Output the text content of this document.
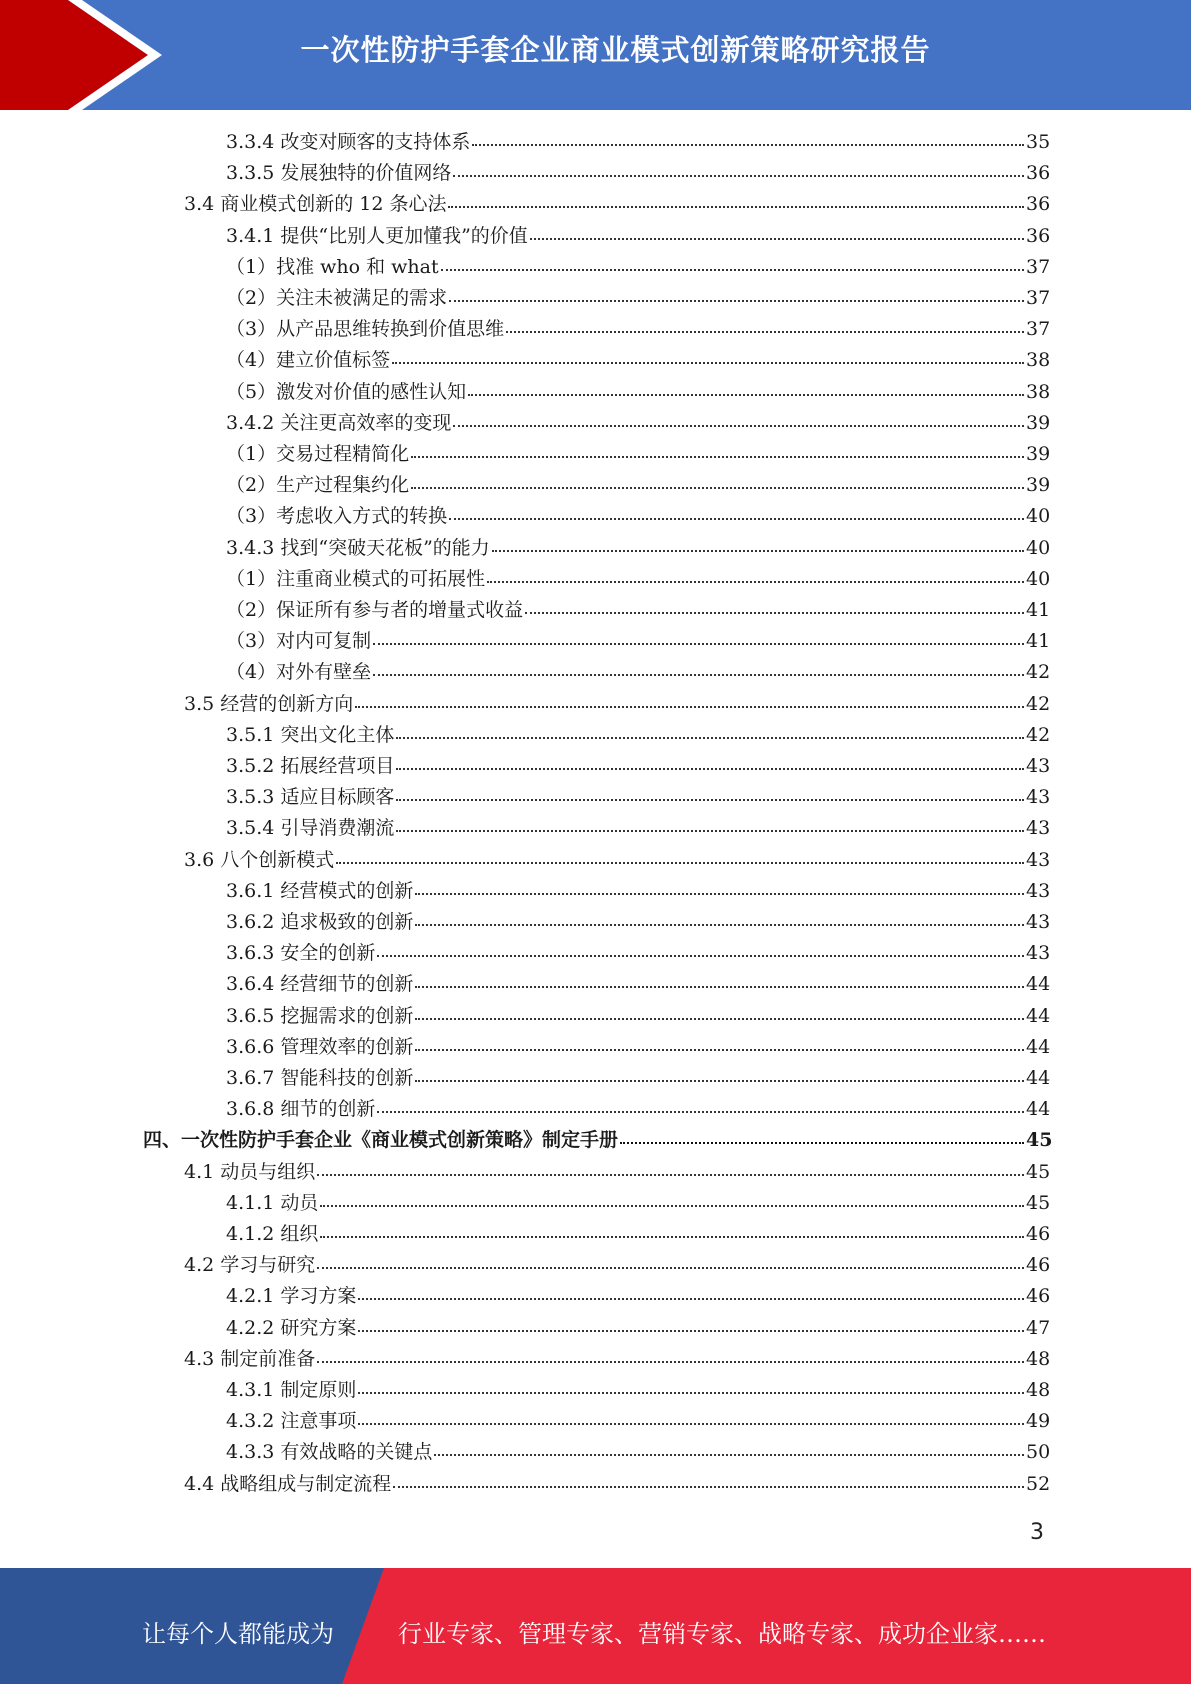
一次性防护手套企业商业模式创新策略研究报告
3.3.4 改变对顾客的支持体系	35
3.3.5 发展独特的价值网络	36
3.4 商业模式创新的 12 条心法	36
3.4.1 提供“比别人更加懂我”的价值	36
（1） 找准 who 和 what	37
（2） 关注未被满足的需求	37
（3） 从产品思维转换到价值思维	37
（4） 建立价值标签	38
（5） 激发对价值的感性认知	38
3.4.2 关注更高效率的变现	39
（1） 交易过程精简化	39
（2） 生产过程集约化	39
（3） 考虑收入方式的转换	40
3.4.3 找到“突破天花板”的能力	40
（1） 注重商业模式的可拓展性	40
（2） 保证所有参与者的增量式收益	41
（3） 对内可复制	41
（4） 对外有壁垒	42
3.5 经营的创新方向	42
3.5.1 突出文化主体	42
3.5.2 拓展经营项目	43
3.5.3 适应目标顾客	43
3.5.4 引导消费潮流	43
3.6 八个创新模式	43
3.6.1 经营模式的创新	43
3.6.2 追求极致的创新	43
3.6.3 安全的创新	43
3.6.4 经营细节的创新	44
3.6.5 挖掘需求的创新	44
3.6.6 管理效率的创新	44
3.6.7 智能科技的创新	44
3.6.8 细节的创新	44
四、 一次性防护手套企业《商业模式创新策略》制定手册	45
4.1 动员与组织	45
4.1.1 动员	45
4.1.2 组织	46
4.2 学习与研究	46
4.2.1 学习方案	46
4.2.2 研究方案	47
4.3 制定前准备	48
4.3.1 制定原则	48
4.3.2 注意事项	49
4.3.3 有效战略的关键点	50
4.4 战略组成与制定流程	52
3
让每个人都能成为	行业专家、管理专家、营销专家、战略专家、成功企业家……
